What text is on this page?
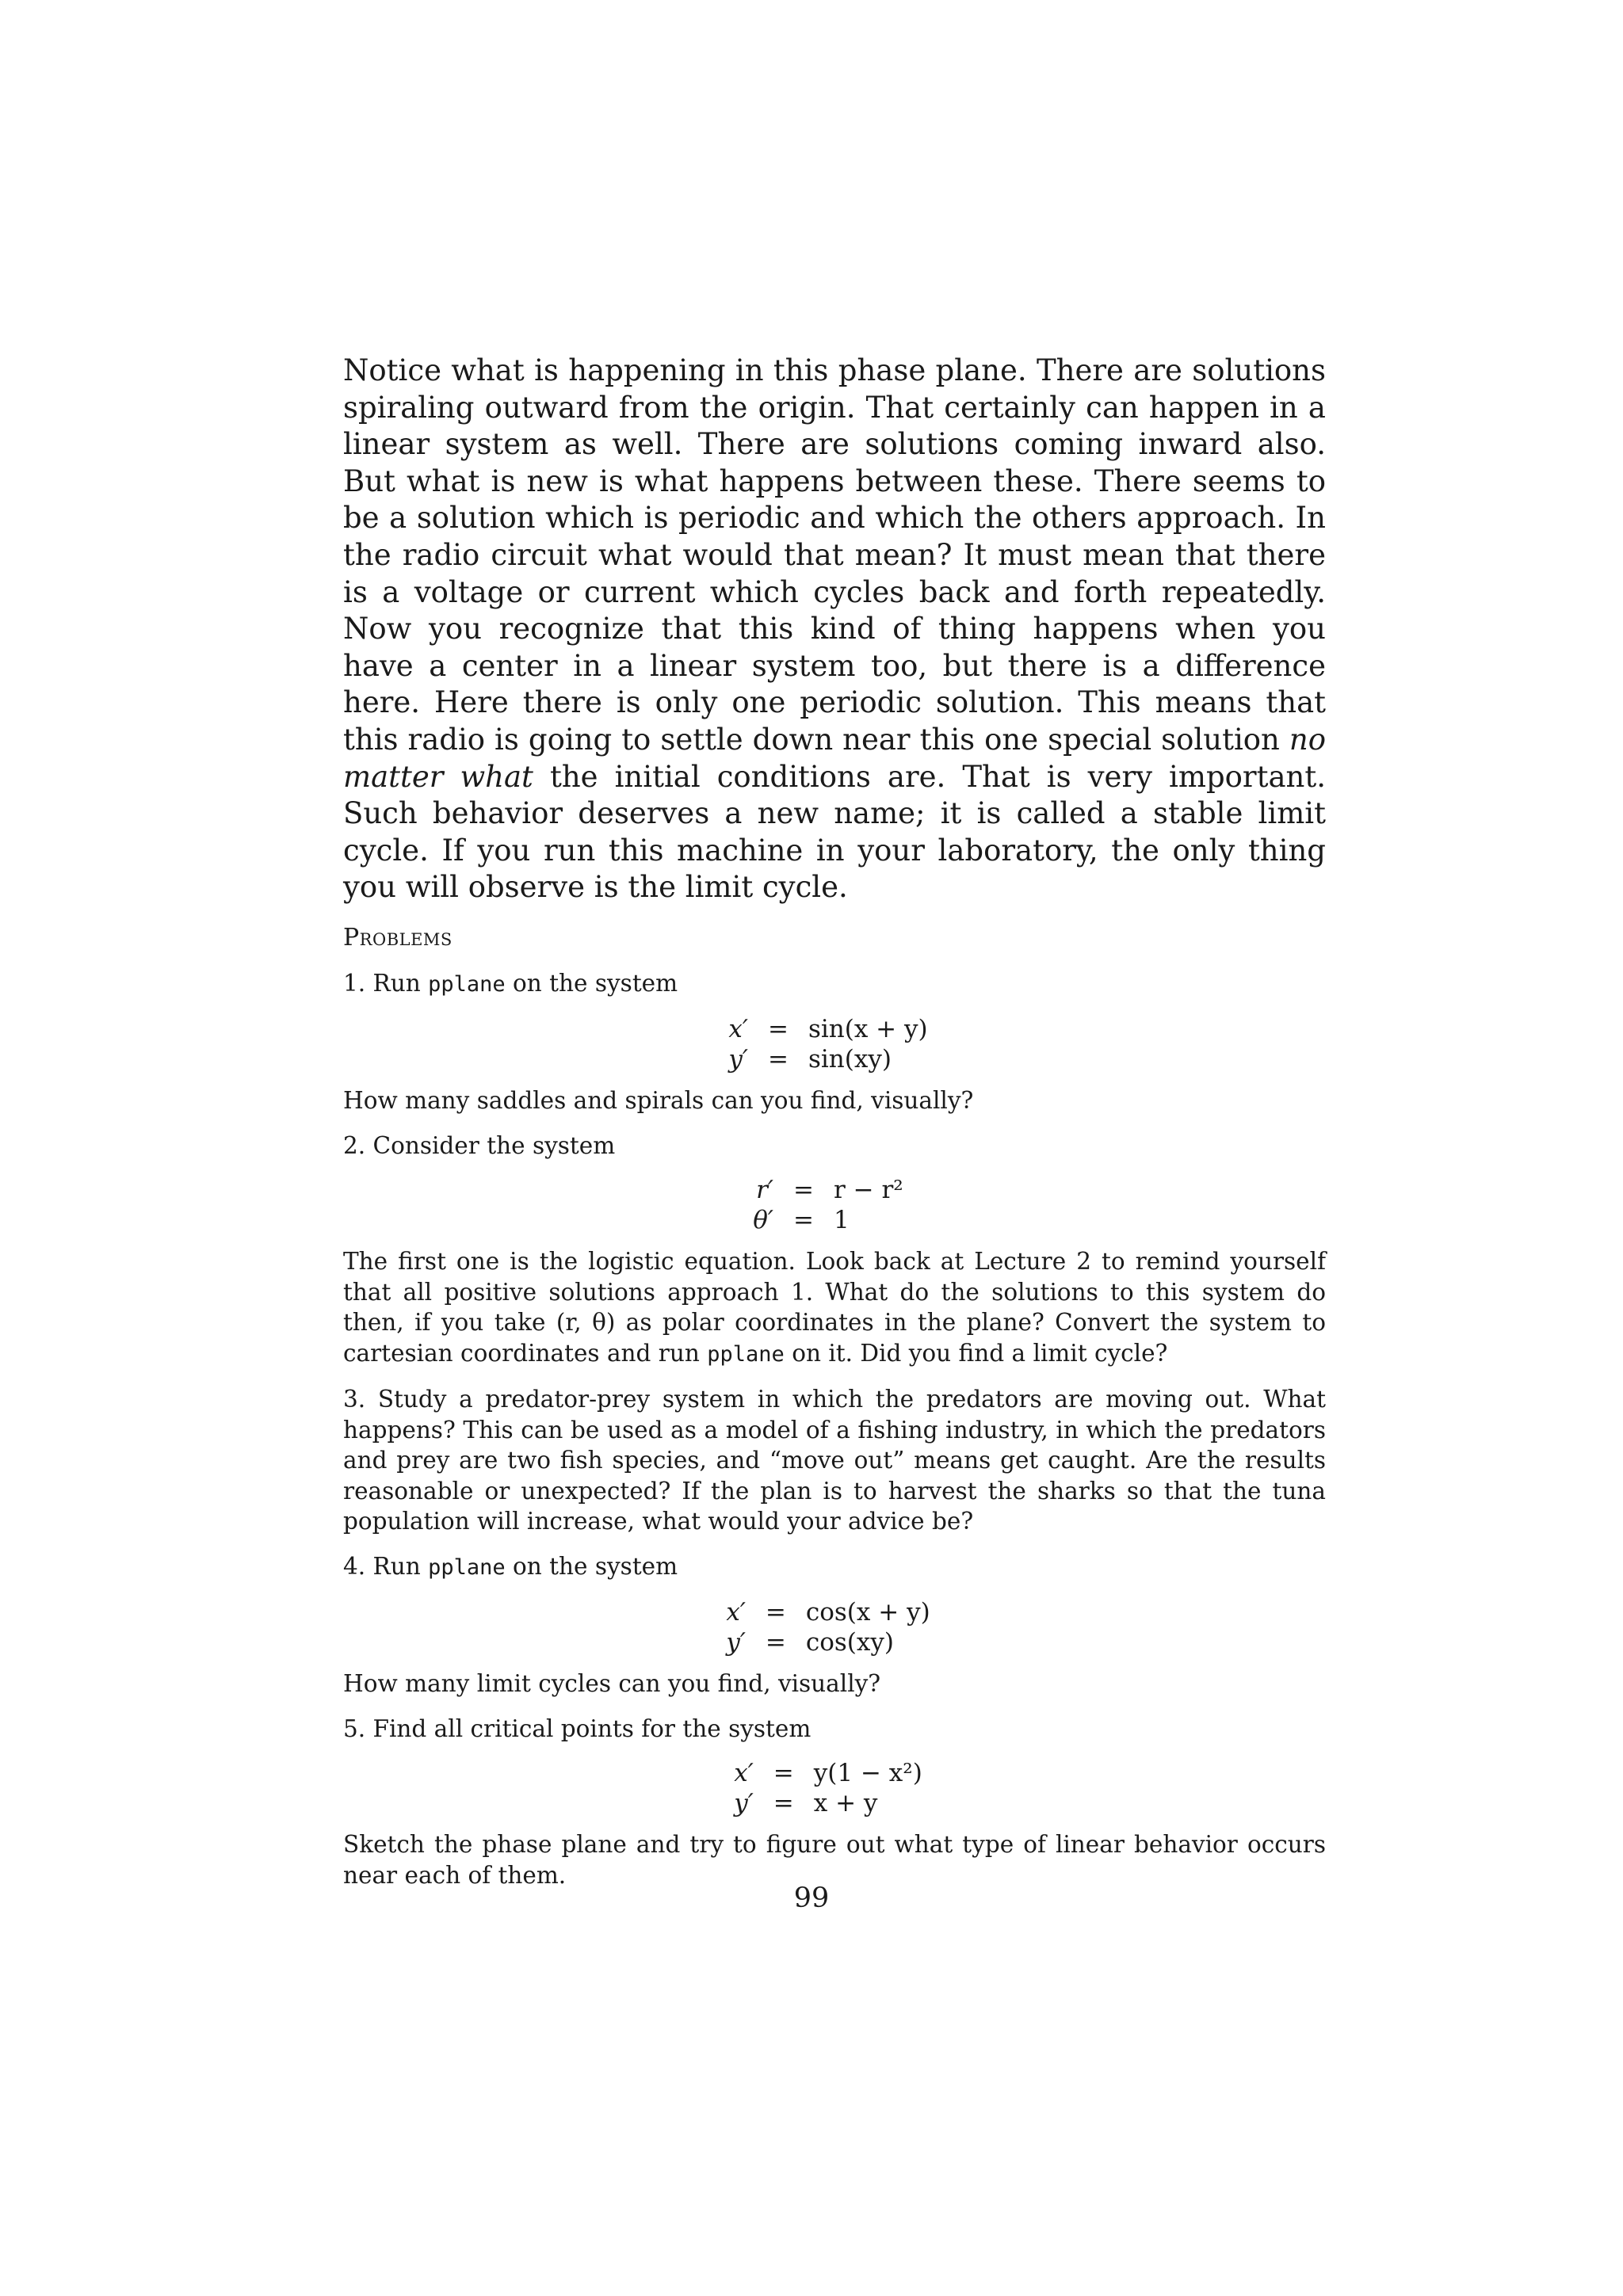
Notice what is happening in this phase plane. There are solutions spiraling outward from the origin. That certainly can happen in a linear system as well. There are solutions coming inward also. But what is new is what happens between these. There seems to be a solution which is periodic and which the others approach. In the radio circuit what would that mean? It must mean that there is a voltage or current which cycles back and forth repeatedly. Now you recognize that this kind of thing happens when you have a center in a linear system too, but there is a difference here. Here there is only one periodic solution. This means that this radio is going to settle down near this one special solution no matter what the initial conditions are. That is very important. Such behavior deserves a new name; it is called a stable limit cycle. If you run this machine in your laboratory, the only thing you will observe is the limit cycle.

Problems

1. Run pplane on the system

x′ = sin(x + y)
y′ = sin(xy)

How many saddles and spirals can you find, visually?

2. Consider the system

r′ = r − r²
θ′ = 1

The first one is the logistic equation. Look back at Lecture 2 to remind yourself that all positive solutions approach 1. What do the solutions to this system do then, if you take (r, θ) as polar coordinates in the plane? Convert the system to cartesian coordinates and run pplane on it. Did you find a limit cycle?

3. Study a predator-prey system in which the predators are moving out. What happens? This can be used as a model of a fishing industry, in which the predators and prey are two fish species, and “move out” means get caught. Are the results reasonable or unexpected? If the plan is to harvest the sharks so that the tuna population will increase, what would your advice be?

4. Run pplane on the system

x′ = cos(x + y)
y′ = cos(xy)

How many limit cycles can you find, visually?

5. Find all critical points for the system

x′ = y(1 − x²)
y′ = x + y

Sketch the phase plane and try to figure out what type of linear behavior occurs near each of them.

99
